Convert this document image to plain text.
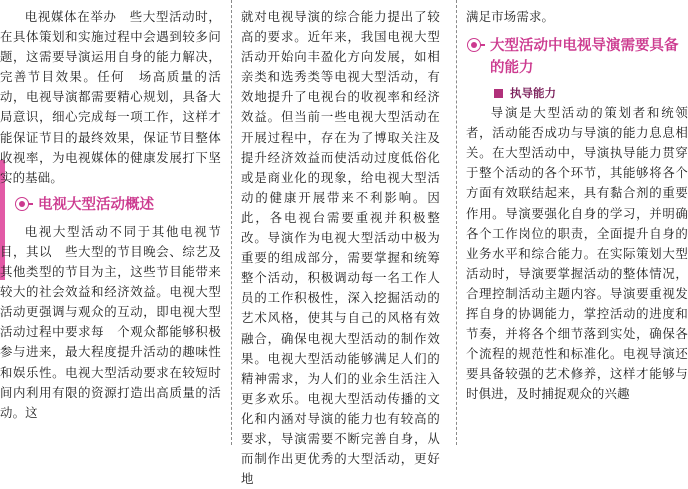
电视媒体在举办　些大型活动时，在具体策划和实施过程中会遇到较多问题，这需要导演运用自身的能力解决，完善节目效果。任何　场高质量的活动，电视导演都需要精心规划，具备大局意识，细心完成每一项工作，这样才能保证节目的最终效果，保证节目整体收视率，为电视媒体的健康发展打下坚实的基础。

电视大型活动概述

电视大型活动不同于其他电视节目，其以　些大型的节目晚会、综艺及其他类型的节目为主，这些节目能带来较大的社会效益和经济效益。电视大型活动更强调与观众的互动，即电视大型活动过程中要求每　个观众都能够积极参与进来，最大程度提升活动的趣味性和娱乐性。电视大型活动要求在较短时间内利用有限的资源打造出高质量的活动。这

就对电视导演的综合能力提出了较高的要求。近年来，我国电视大型活动开始向丰盈化方向发展，如相亲类和选秀类等电视大型活动，有效地提升了电视台的收视率和经济效益。但当前一些电视大型活动在开展过程中，存在为了博取关注及提升经济效益而使活动过度低俗化或是商业化的现象，给电视大型活动的健康开展带来不利影响。因此，各电视台需要重视并积极整改。导演作为电视大型活动中极为重要的组成部分，需要掌握和统筹整个活动，积极调动每一名工作人员的工作积极性，深入挖掘活动的艺术风格，使其与自己的风格有效融合，确保电视大型活动的制作效果。电视大型活动能够满足人们的精神需求，为人们的业余生活注入更多欢乐。电视大型活动传播的文化和内涵对导演的能力也有较高的要求，导演需要不断完善自身，从而制作出更优秀的大型活动，更好地

满足市场需求。

大型活动中电视导演需要具备的能力
执导能力

导演是大型活动的策划者和统领者，活动能否成功与导演的能力息息相关。在大型活动中，导演执导能力贯穿于整个活动的各个环节，其能够将各个方面有效联结起来，具有黏合剂的重要作用。导演要强化自身的学习，并明确各个工作岗位的职责，全面提升自身的业务水平和综合能力。在实际策划大型活动时，导演要掌握活动的整体情况，合理控制活动主题内容。导演要重视发挥自身的协调能力，掌控活动的进度和节奏，并将各个细节落到实处，确保各个流程的规范性和标准化。电视导演还要具备较强的艺术修养，这样才能够与时俱进，及时捕捉观众的兴趣
